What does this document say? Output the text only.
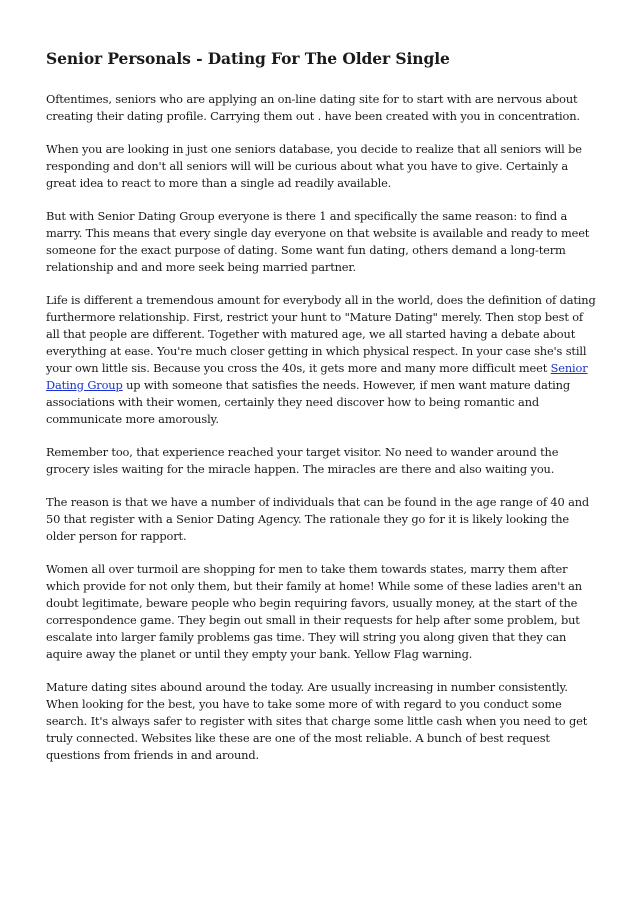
Senior Personals - Dating For The Older Single

Oftentimes, seniors who are applying an on-line dating site for to start with are nervous about creating their dating profile. Carrying them out . have been created with you in concentration.

When you are looking in just one seniors database, you decide to realize that all seniors will be responding and don't all seniors will will be curious about what you have to give. Certainly a great idea to react to more than a single ad readily available.

But with Senior Dating Group everyone is there 1 and specifically the same reason: to find a marry. This means that every single day everyone on that website is available and ready to meet someone for the exact purpose of dating. Some want fun dating, others demand a long-term relationship and and more seek being married partner.

Life is different a tremendous amount for everybody all in the world, does the definition of dating furthermore relationship. First, restrict your hunt to "Mature Dating" merely. Then stop best of all that people are different. Together with matured age, we all started having a debate about everything at ease. You're much closer getting in which physical respect. In your case she's still your own little sis. Because you cross the 40s, it gets more and many more difficult meet Senior Dating Group up with someone that satisfies the needs. However, if men want mature dating associations with their women, certainly they need discover how to being romantic and communicate more amorously.

Remember too, that experience reached your target visitor. No need to wander around the grocery isles waiting for the miracle happen. The miracles are there and also waiting you.

The reason is that we have a number of individuals that can be found in the age range of 40 and 50 that register with a Senior Dating Agency. The rationale they go for it is likely looking the older person for rapport.

Women all over turmoil are shopping for men to take them towards states, marry them after which provide for not only them, but their family at home! While some of these ladies aren't an doubt legitimate, beware people who begin requiring favors, usually money, at the start of the correspondence game. They begin out small in their requests for help after some problem, but escalate into larger family problems gas time. They will string you along given that they can aquire away the planet or until they empty your bank. Yellow Flag warning.

Mature dating sites abound around the today. Are usually increasing in number consistently. When looking for the best, you have to take some more of with regard to you conduct some search. It's always safer to register with sites that charge some little cash when you need to get truly connected. Websites like these are one of the most reliable. A bunch of best request questions from friends in and around.
